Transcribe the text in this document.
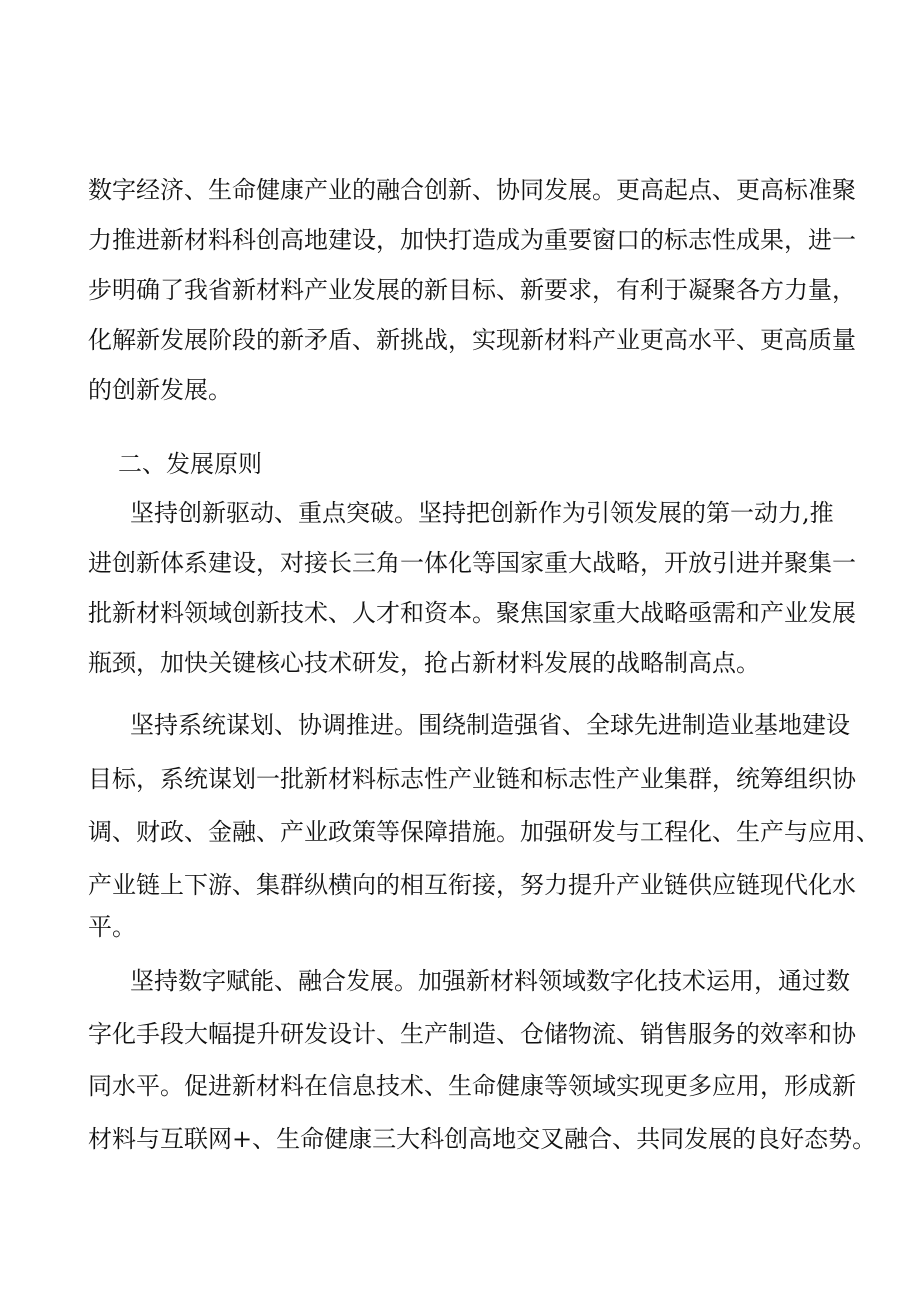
数 字 经 济 、 生 命 健 康 产 业 的 融 合 创 新 、 协 同 发 展 。 更 高 起 点 、 更 高 标 准 聚
力 推 进 新 材 料 科 创 高 地 建 设 ， 加 快 打 造 成 为 重 要 窗 口 的 标 志 性 成 果 ， 进 一
步 明 确 了 我 省 新 材 料 产 业 发 展 的 新 目 标 、 新 要 求 ， 有 利 于 凝 聚 各 方 力 量 ，
化 解 新 发 展 阶 段 的 新 矛 盾 、 新 挑 战 ， 实 现 新 材 料 产 业 更 高 水 平 、 更 高 质 量
的创新发展。
二、发展原则
坚 持 创 新 驱 动 、 重 点 突 破 。 坚 持 把 创 新 作 为 引 领 发 展 的 第 一 动 力 , 推
进 创 新 体 系 建 设 ， 对 接 长 三 角 一 体 化 等 国 家 重 大 战 略 ， 开 放 引 进 并 聚 集 一
批 新 材 料 领 域 创 新 技 术 、 人 才 和 资 本 。 聚 焦 国 家 重 大 战 略 亟 需 和 产 业 发 展
瓶颈，加快关键核心技术研发，抢占新材料发展的战略制高点。
坚 持 系 统 谋 划 、 协 调 推 进 。 围 绕 制 造 强 省 、 全 球 先 进 制 造 业 基 地 建 设
目 标 ， 系 统 谋 划 一 批 新 材 料 标 志 性 产 业 链 和 标 志 性 产 业 集 群 ， 统 筹 组 织 协
调 、 财 政 、 金 融 、 产 业 政 策 等 保 障 措 施 。 加 强 研 发 与 工 程 化 、 生 产 与 应 用 、
产 业 链 上 下 游 、 集 群 纵 横 向 的 相 互 衔 接 ， 努 力 提 升 产 业 链 供 应 链 现 代 化 水
平。
坚 持 数 字 赋 能 、 融 合 发 展 。 加 强 新 材 料 领 域 数 字 化 技 术 运 用 ， 通 过 数
字 化 手 段 大 幅 提 升 研 发 设 计 、 生 产 制 造 、 仓 储 物 流 、 销 售 服 务 的 效 率 和 协
同 水 平 。 促 进 新 材 料 在 信 息 技 术 、 生 命 健 康 等 领 域 实 现 更 多 应 用 ， 形 成 新
材 料 与 互 联 网 + 、 生 命 健 康 三 大 科 创 高 地 交 叉 融 合 、 共 同 发 展 的 良 好 态 势 。
